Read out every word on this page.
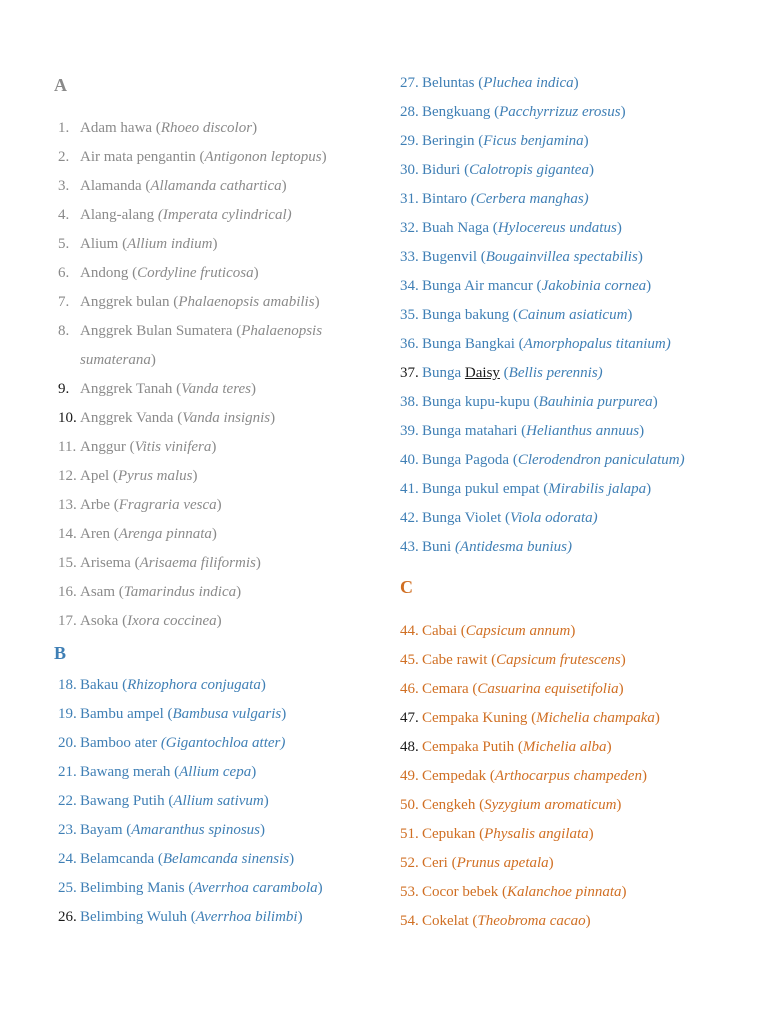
A
1. Adam hawa (Rhoeo discolor)
2. Air mata pengantin (Antigonon leptopus)
3. Alamanda (Allamanda cathartica)
4. Alang-alang (Imperata cylindrical)
5. Alium (Allium indium)
6. Andong (Cordyline fruticosa)
7. Anggrek bulan (Phalaenopsis amabilis)
8. Anggrek Bulan Sumatera (Phalaenopsis
sumaterana)
9. Anggrek Tanah (Vanda teres)
10. Anggrek Vanda (Vanda insignis)
11. Anggur (Vitis vinifera)
12. Apel (Pyrus malus)
13. Arbe (Fragraria vesca)
14. Aren (Arenga pinnata)
15. Arisema (Arisaema filiformis)
16. Asam (Tamarindus indica)
17. Asoka (Ixora coccinea)
B
18. Bakau (Rhizophora conjugata)
19. Bambu ampel (Bambusa vulgaris)
20. Bamboo ater (Gigantochloa atter)
21. Bawang merah (Allium cepa)
22. Bawang Putih (Allium sativum)
23. Bayam (Amaranthus spinosus)
24. Belamcanda (Belamcanda sinensis)
25. Belimbing Manis (Averrhoa carambola)
26. Belimbing Wuluh (Averrhoa bilimbi)
27. Beluntas (Pluchea indica)
28. Bengkuang (Pacchyrrizuz erosus)
29. Beringin (Ficus benjamina)
30. Biduri (Calotropis gigantea)
31. Bintaro (Cerbera manghas)
32. Buah Naga (Hylocereus undatus)
33. Bugenvil (Bougainvillea spectabilis)
34. Bunga Air mancur (Jakobinia cornea)
35. Bunga bakung (Cainum asiaticum)
36. Bunga Bangkai (Amorphopalus titanium)
37. Bunga Daisy (Bellis perennis)
38. Bunga kupu-kupu (Bauhinia purpurea)
39. Bunga matahari (Helianthus annuus)
40. Bunga Pagoda (Clerodendron paniculatum)
41. Bunga pukul empat (Mirabilis jalapa)
42. Bunga Violet (Viola odorata)
43. Buni (Antidesma bunius)
C
44. Cabai (Capsicum annum)
45. Cabe rawit (Capsicum frutescens)
46. Cemara (Casuarina equisetifolia)
47. Cempaka Kuning (Michelia champaka)
48. Cempaka Putih (Michelia alba)
49. Cempedak (Arthocarpus champeden)
50. Cengkeh (Syzygium aromaticum)
51. Cepukan (Physalis angilata)
52. Ceri (Prunus apetala)
53. Cocor bebek (Kalanchoe pinnata)
54. Cokelat (Theobroma cacao)
